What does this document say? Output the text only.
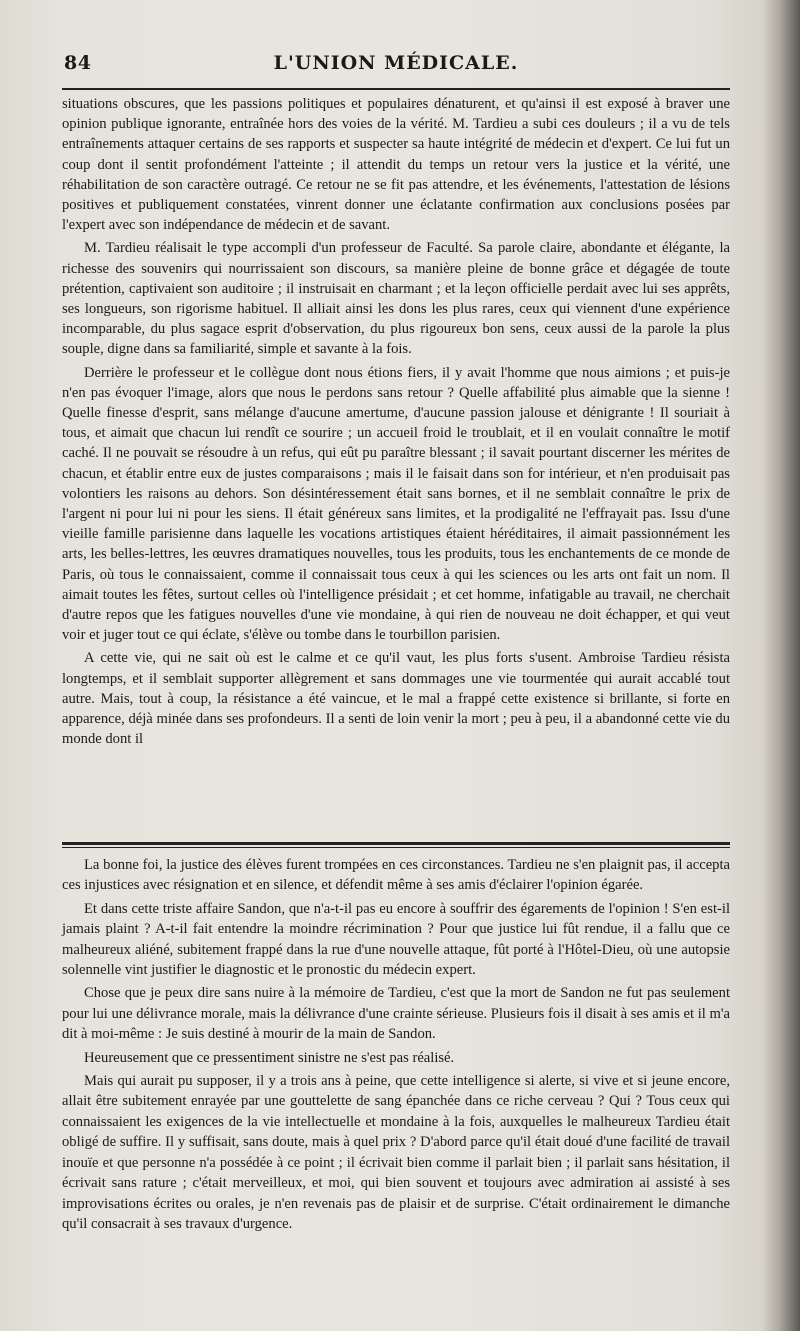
84	L'UNION MÉDICALE.

situations obscures, que les passions politiques et populaires dénaturent, et qu'ainsi il est exposé à braver une opinion publique ignorante, entraînée hors des voies de la vérité. M. Tardieu a subi ces douleurs ; il a vu de tels entraînements attaquer certains de ses rapports et suspecter sa haute intégrité de médecin et d'expert. Ce lui fut un coup dont il sentit profondément l'atteinte ; il attendit du temps un retour vers la justice et la vérité, une réhabilitation de son caractère outragé. Ce retour ne se fit pas attendre, et les événements, l'attestation de lésions positives et publiquement constatées, vinrent donner une éclatante confirmation aux conclusions posées par l'expert avec son indépendance de médecin et de savant.

M. Tardieu réalisait le type accompli d'un professeur de Faculté. Sa parole claire, abondante et élégante, la richesse des souvenirs qui nourrissaient son discours, sa manière pleine de bonne grâce et dégagée de toute prétention, captivaient son auditoire ; il instruisait en charmant ; et la leçon officielle perdait avec lui ses apprêts, ses longueurs, son rigorisme habituel. Il alliait ainsi les dons les plus rares, ceux qui viennent d'une expérience incomparable, du plus sagace esprit d'observation, du plus rigoureux bon sens, ceux aussi de la parole la plus souple, digne dans sa familiarité, simple et savante à la fois.

Derrière le professeur et le collègue dont nous étions fiers, il y avait l'homme que nous aimions ; et puis-je n'en pas évoquer l'image, alors que nous le perdons sans retour ? Quelle affabilité plus aimable que la sienne ! Quelle finesse d'esprit, sans mélange d'aucune amertume, d'aucune passion jalouse et dénigrante ! Il souriait à tous, et aimait que chacun lui rendît ce sourire ; un accueil froid le troublait, et il en voulait connaître le motif caché. Il ne pouvait se résoudre à un refus, qui eût pu paraître blessant ; il savait pourtant discerner les mérites de chacun, et établir entre eux de justes comparaisons ; mais il le faisait dans son for intérieur, et n'en produisait pas volontiers les raisons au dehors. Son désintéressement était sans bornes, et il ne semblait connaître le prix de l'argent ni pour lui ni pour les siens. Il était généreux sans limites, et la prodigalité ne l'effrayait pas. Issu d'une vieille famille parisienne dans laquelle les vocations artistiques étaient héréditaires, il aimait passionnément les arts, les belles-lettres, les œuvres dramatiques nouvelles, tous les produits, tous les enchantements de ce monde de Paris, où tous le connaissaient, comme il connaissait tous ceux à qui les sciences ou les arts ont fait un nom. Il aimait toutes les fêtes, surtout celles où l'intelligence présidait ; et cet homme, infatigable au travail, ne cherchait d'autre repos que les fatigues nouvelles d'une vie mondaine, à qui rien de nouveau ne doit échapper, et qui veut voir et juger tout ce qui éclate, s'élève ou tombe dans le tourbillon parisien.

A cette vie, qui ne sait où est le calme et ce qu'il vaut, les plus forts s'usent. Ambroise Tardieu résista longtemps, et il semblait supporter allègrement et sans dommages une vie tourmentée qui aurait accablé tout autre. Mais, tout à coup, la résistance a été vaincue, et le mal a frappé cette existence si brillante, si forte en apparence, déjà minée dans ses profondeurs. Il a senti de loin venir la mort ; peu à peu, il a abandonné cette vie du monde dont il

La bonne foi, la justice des élèves furent trompées en ces circonstances. Tardieu ne s'en plaignit pas, il accepta ces injustices avec résignation et en silence, et défendit même à ses amis d'éclairer l'opinion égarée.

Et dans cette triste affaire Sandon, que n'a-t-il pas eu encore à souffrir des égarements de l'opinion ! S'en est-il jamais plaint ? A-t-il fait entendre la moindre récrimination ? Pour que justice lui fût rendue, il a fallu que ce malheureux aliéné, subitement frappé dans la rue d'une nouvelle attaque, fût porté à l'Hôtel-Dieu, où une autopsie solennelle vint justifier le diagnostic et le pronostic du médecin expert.

Chose que je peux dire sans nuire à la mémoire de Tardieu, c'est que la mort de Sandon ne fut pas seulement pour lui une délivrance morale, mais la délivrance d'une crainte sérieuse. Plusieurs fois il disait à ses amis et il m'a dit à moi-même : Je suis destiné à mourir de la main de Sandon.

Heureusement que ce pressentiment sinistre ne s'est pas réalisé.

Mais qui aurait pu supposer, il y a trois ans à peine, que cette intelligence si alerte, si vive et si jeune encore, allait être subitement enrayée par une gouttelette de sang épanchée dans ce riche cerveau ? Qui ? Tous ceux qui connaissaient les exigences de la vie intellectuelle et mondaine à la fois, auxquelles le malheureux Tardieu était obligé de suffire. Il y suffisait, sans doute, mais à quel prix ? D'abord parce qu'il était doué d'une facilité de travail inouïe et que personne n'a possédée à ce point ; il écrivait bien comme il parlait bien ; il parlait sans hésitation, il écrivait sans rature ; c'était merveilleux, et moi, qui bien souvent et toujours avec admiration ai assisté à ses improvisations écrites ou orales, je n'en revenais pas de plaisir et de surprise. C'était ordinairement le dimanche qu'il consacrait à ses travaux d'urgence.
